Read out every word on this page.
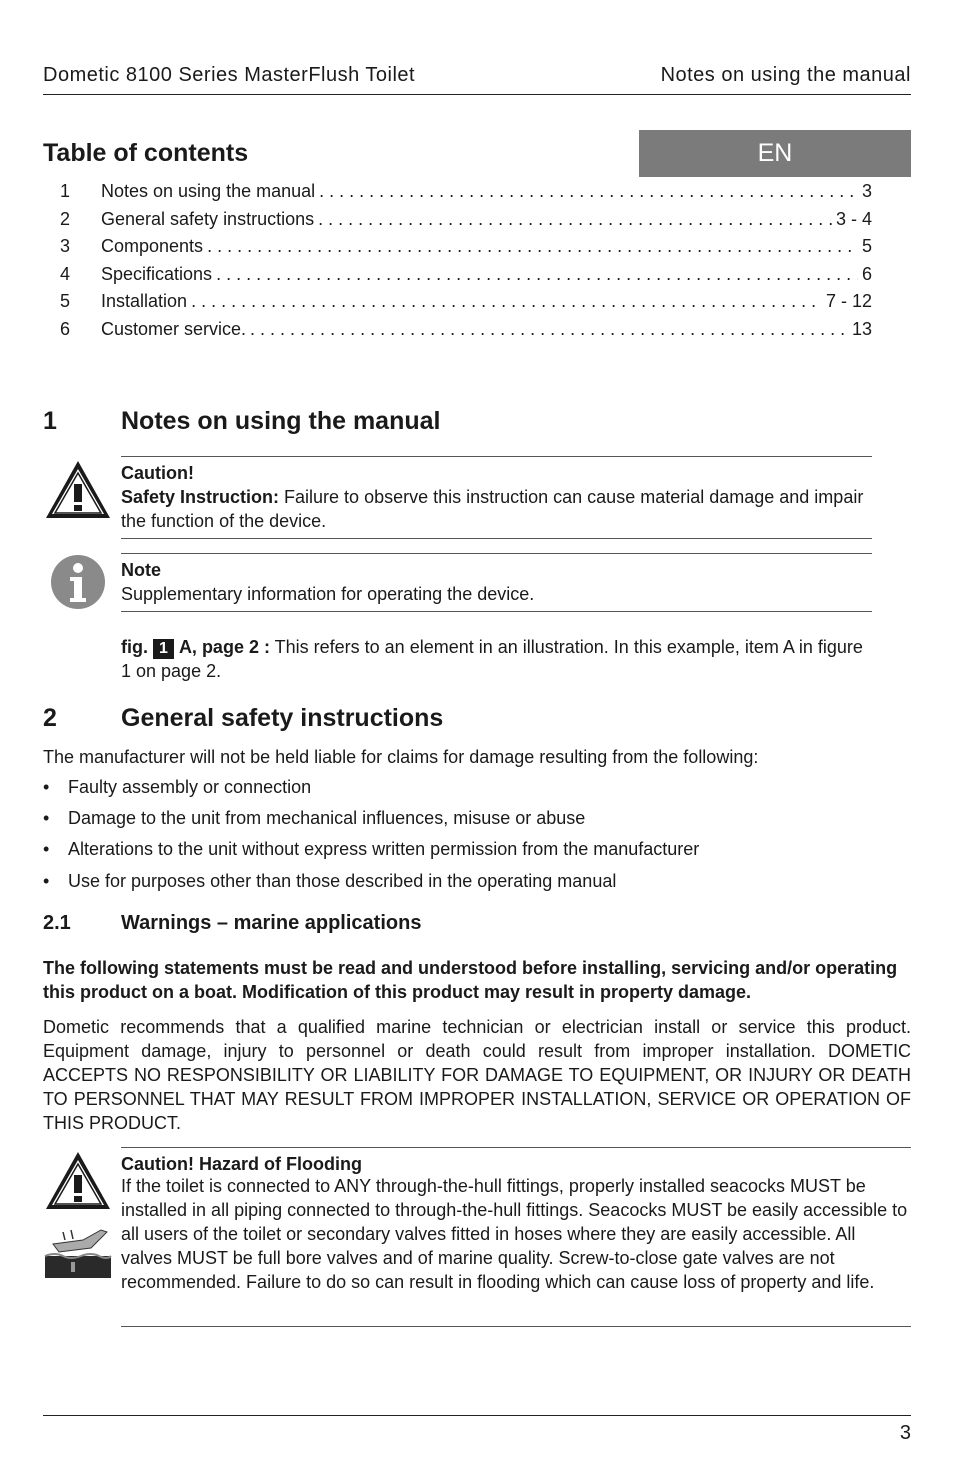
Dometic 8100 Series MasterFlush Toilet	Notes on using the manual
Table of contents	EN
1	Notes on using the manual . . .	3
2	General safety instructions . . .	3 - 4
3	Components . . .	5
4	Specifications . . .	6
5	Installation . . .	7 - 12
6	Customer service. . . .	13
1	Notes on using the manual
Caution!
Safety Instruction: Failure to observe this instruction can cause material damage and impair the function of the device.
Note
Supplementary information for operating the device.
fig. 1 A, page 2 : This refers to an element in an illustration. In this example, item A in figure 1 on page 2.
2	General safety instructions
The manufacturer will not be held liable for claims for damage resulting from the following:
• Faulty assembly or connection
• Damage to the unit from mechanical influences, misuse or abuse
• Alterations to the unit without express written permission from the manufacturer
• Use for purposes other than those described in the operating manual
2.1	Warnings – marine applications
The following statements must be read and understood before installing, servicing and/or operating this product on a boat. Modification of this product may result in property damage.
Dometic recommends that a qualified marine technician or electrician install or service this product. Equipment damage, injury to personnel or death could result from improper installation. DOMETIC ACCEPTS NO RESPONSIBILITY OR LIABILITY FOR DAMAGE TO EQUIPMENT, OR INJURY OR DEATH TO PERSONNEL THAT MAY RESULT FROM IMPROPER INSTALLATION, SERVICE OR OPERATION OF THIS PRODUCT.
Caution! Hazard of Flooding
If the toilet is connected to ANY through-the-hull fittings, properly installed seacocks MUST be installed in all piping connected to through-the-hull fittings. Seacocks MUST be easily accessible to all users of the toilet or secondary valves fitted in hoses where they are easily accessible. All valves MUST be full bore valves and of marine quality. Screw-to-close gate valves are not recommended. Failure to do so can result in flooding which can cause loss of property and life.
3
